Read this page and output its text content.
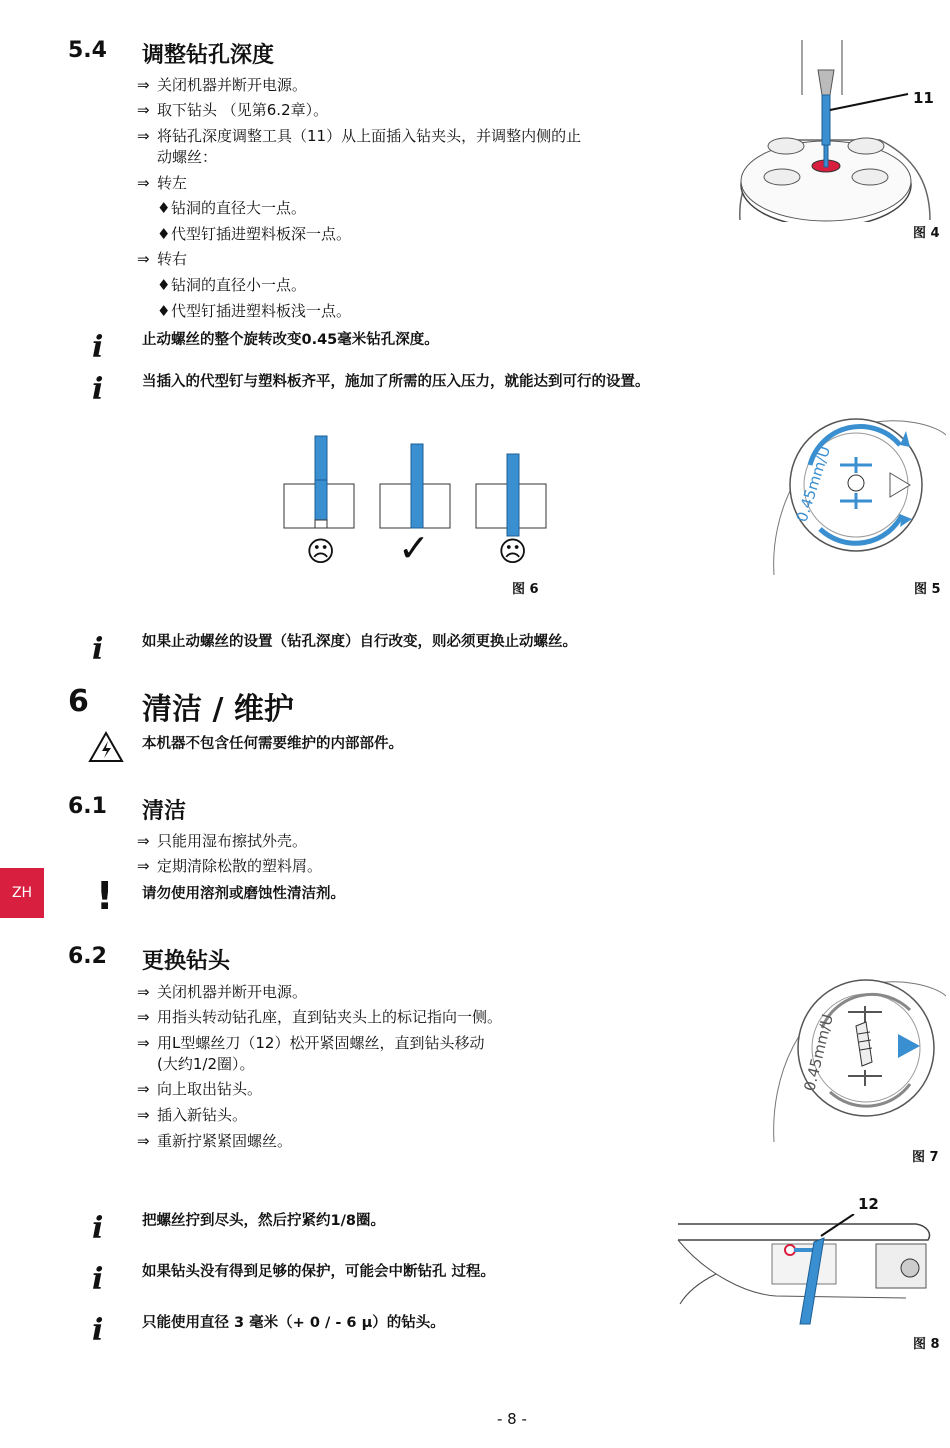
5.4 调整钻孔深度
⇒ 关闭机器并断开电源。
⇒ 取下钻头 （见第6.2章）。
⇒ 将钻孔深度调整工具（11）从上面插入钻夹头，并调整内侧的止
动螺丝：
⇒ 转左
♦钻洞的直径大一点。
♦代型钉插进塑料板深一点。
⇒ 转右
♦钻洞的直径小一点。
♦代型钉插进塑料板浅一点。
i	止动螺丝的整个旋转改变0.45毫米钻孔深度。
i	当插入的代型钉与塑料板齐平，施加了所需的压入压力，就能达到可行的设置。
11
图 4
☹ ✓ ☹
图 6
0.45mm/U
图 5
i	如果止动螺丝的设置（钻孔深度）自行改变，则必须更换止动螺丝。
6 清洁 / 维护
本机器不包含任何需要维护的内部部件。
6.1 清洁
⇒ 只能用湿布擦拭外壳。
⇒ 定期清除松散的塑料屑。
ZH	! 请勿使用溶剂或磨蚀性清洁剂。
6.2 更换钻头
⇒ 关闭机器并断开电源。
⇒ 用指头转动钻孔座，直到钻夹头上的标记指向一侧。
⇒ 用L型螺丝刀（12）松开紧固螺丝，直到钻头移动
(大约1/2圈）。
⇒ 向上取出钻头。
⇒ 插入新钻头。
⇒ 重新拧紧紧固螺丝。
0.45mm/U
图 7
i	把螺丝拧到尽头，然后拧紧约1/8圈。
i	如果钻头没有得到足够的保护，可能会中断钻孔 过程。
i	只能使用直径 3 毫米（+ 0 / - 6 µ）的钻头。
12
图 8
- 8 -
